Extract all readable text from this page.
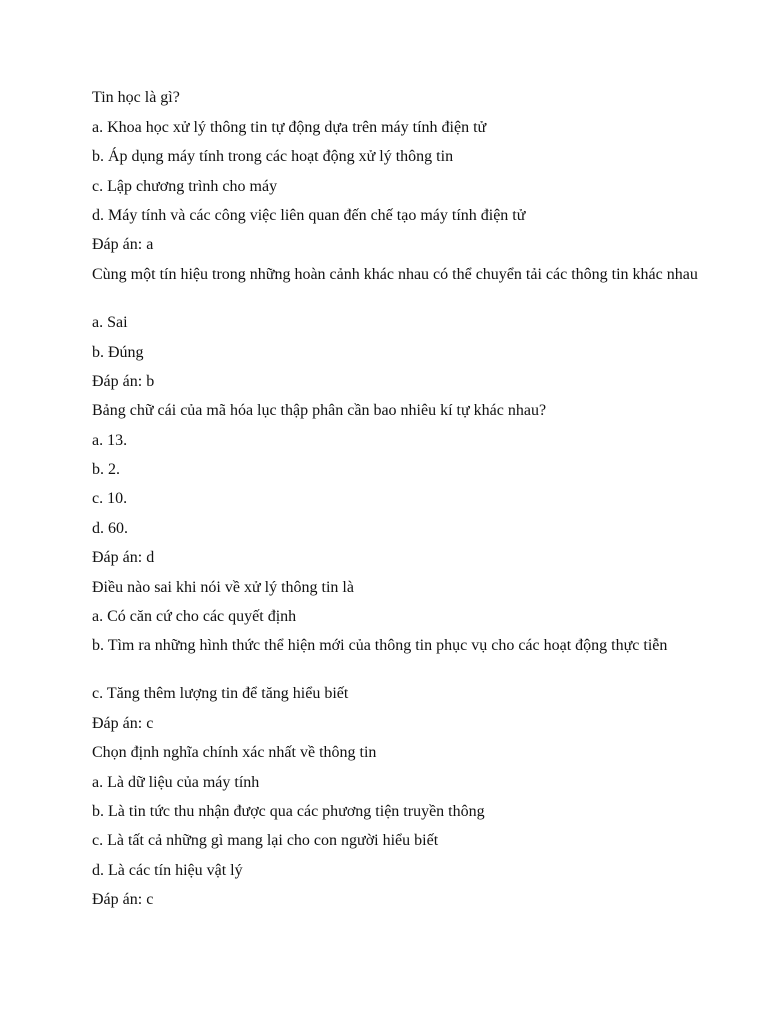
Tin học là gì?

a. Khoa học xử lý thông tin tự động dựa trên máy tính điện tử

b. Áp dụng máy tính trong các hoạt động xử lý thông tin

c. Lập chương trình cho máy

d. Máy tính và các công việc liên quan đến chế tạo máy tính điện tử

Đáp án: a

Cùng một tín hiệu trong những hoàn cảnh khác nhau có thể chuyển tải các thông tin khác nhau

a. Sai

b. Đúng

Đáp án: b

Bảng chữ cái của mã hóa lục thập phân cần bao nhiêu kí tự khác nhau?

a. 13.

b. 2.

c. 10.

d. 60.

Đáp án: d

Điều nào sai khi nói về xử lý thông tin là

a. Có căn cứ cho các quyết định

b. Tìm ra những hình thức thể hiện mới của thông tin phục vụ cho các hoạt động thực tiễn

c. Tăng thêm lượng tin để tăng hiểu biết

Đáp án: c

Chọn định nghĩa chính xác nhất về thông tin

a. Là dữ liệu của máy tính

b. Là tin tức thu nhận được qua các phương tiện truyền thông

c. Là tất cả những gì mang lại cho con người hiểu biết

d. Là các tín hiệu vật lý

Đáp án: c
